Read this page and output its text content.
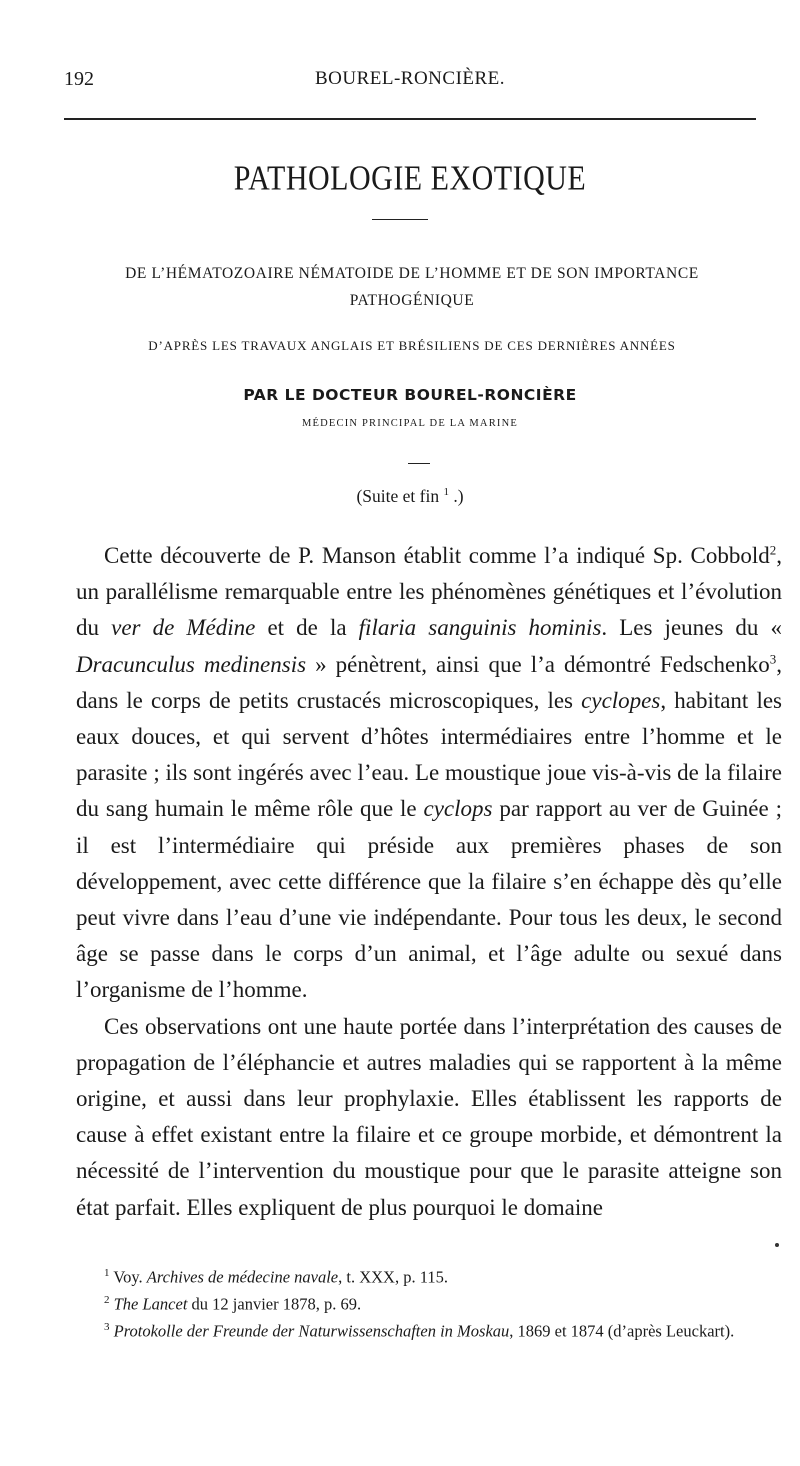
192	BOUREL-RONCIÈRE.
PATHOLOGIE EXOTIQUE
DE L’HÉMATOZOAIRE NÉMATOIDE DE L’HOMME ET DE SON IMPORTANCE PATHOGÉNIQUE
D’APRÈS LES TRAVAUX ANGLAIS ET BRÉSILIENS DE CES DERNIÈRES ANNÉES
PAR LE DOCTEUR BOUREL-RONCIÈRE
MÉDECIN PRINCIPAL DE LA MARINE
(Suite et fin $^1$ .)

Cette découverte de P. Manson établit comme l’a indiqué Sp. Cobbold$^2$, un parallélisme remarquable entre les phénomènes génétiques et l’évolution du ver de Médine et de la filaria sanguinis hominis. Les jeunes du « Dracunculus medinensis » pénètrent, ainsi que l’a démontré Fedschenko$^3$, dans le corps de petits crustacés microscopiques, les cyclopes, habitant les eaux douces, et qui servent d’hôtes intermédiaires entre l’homme et le parasite ; ils sont ingérés avec l’eau. Le moustique joue vis-à-vis de la filaire du sang humain le même rôle que le cyclops par rapport au ver de Guinée ; il est l’intermédiaire qui préside aux premières phases de son développement, avec cette différence que la filaire s’en échappe dès qu’elle peut vivre dans l’eau d’une vie indépendante. Pour tous les deux, le second âge se passe dans le corps d’un animal, et l’âge adulte ou sexué dans l’organisme de l’homme.

Ces observations ont une haute portée dans l’interprétation des causes de propagation de l’éléphancie et autres maladies qui se rapportent à la même origine, et aussi dans leur prophylaxie. Elles établissent les rapports de cause à effet existant entre la filaire et ce groupe morbide, et démontrent la nécessité de l’intervention du moustique pour que le parasite atteigne son état parfait. Elles expliquent de plus pourquoi le domaine

$^1$ Voy. Archives de médecine navale, t. XXX, p. 115.
$^2$ The Lancet du 12 janvier 1878, p. 69.
$^3$ Protokolle der Freunde der Naturwissenschaften in Moskau, 1869 et 1874 (d’après Leuckart).
